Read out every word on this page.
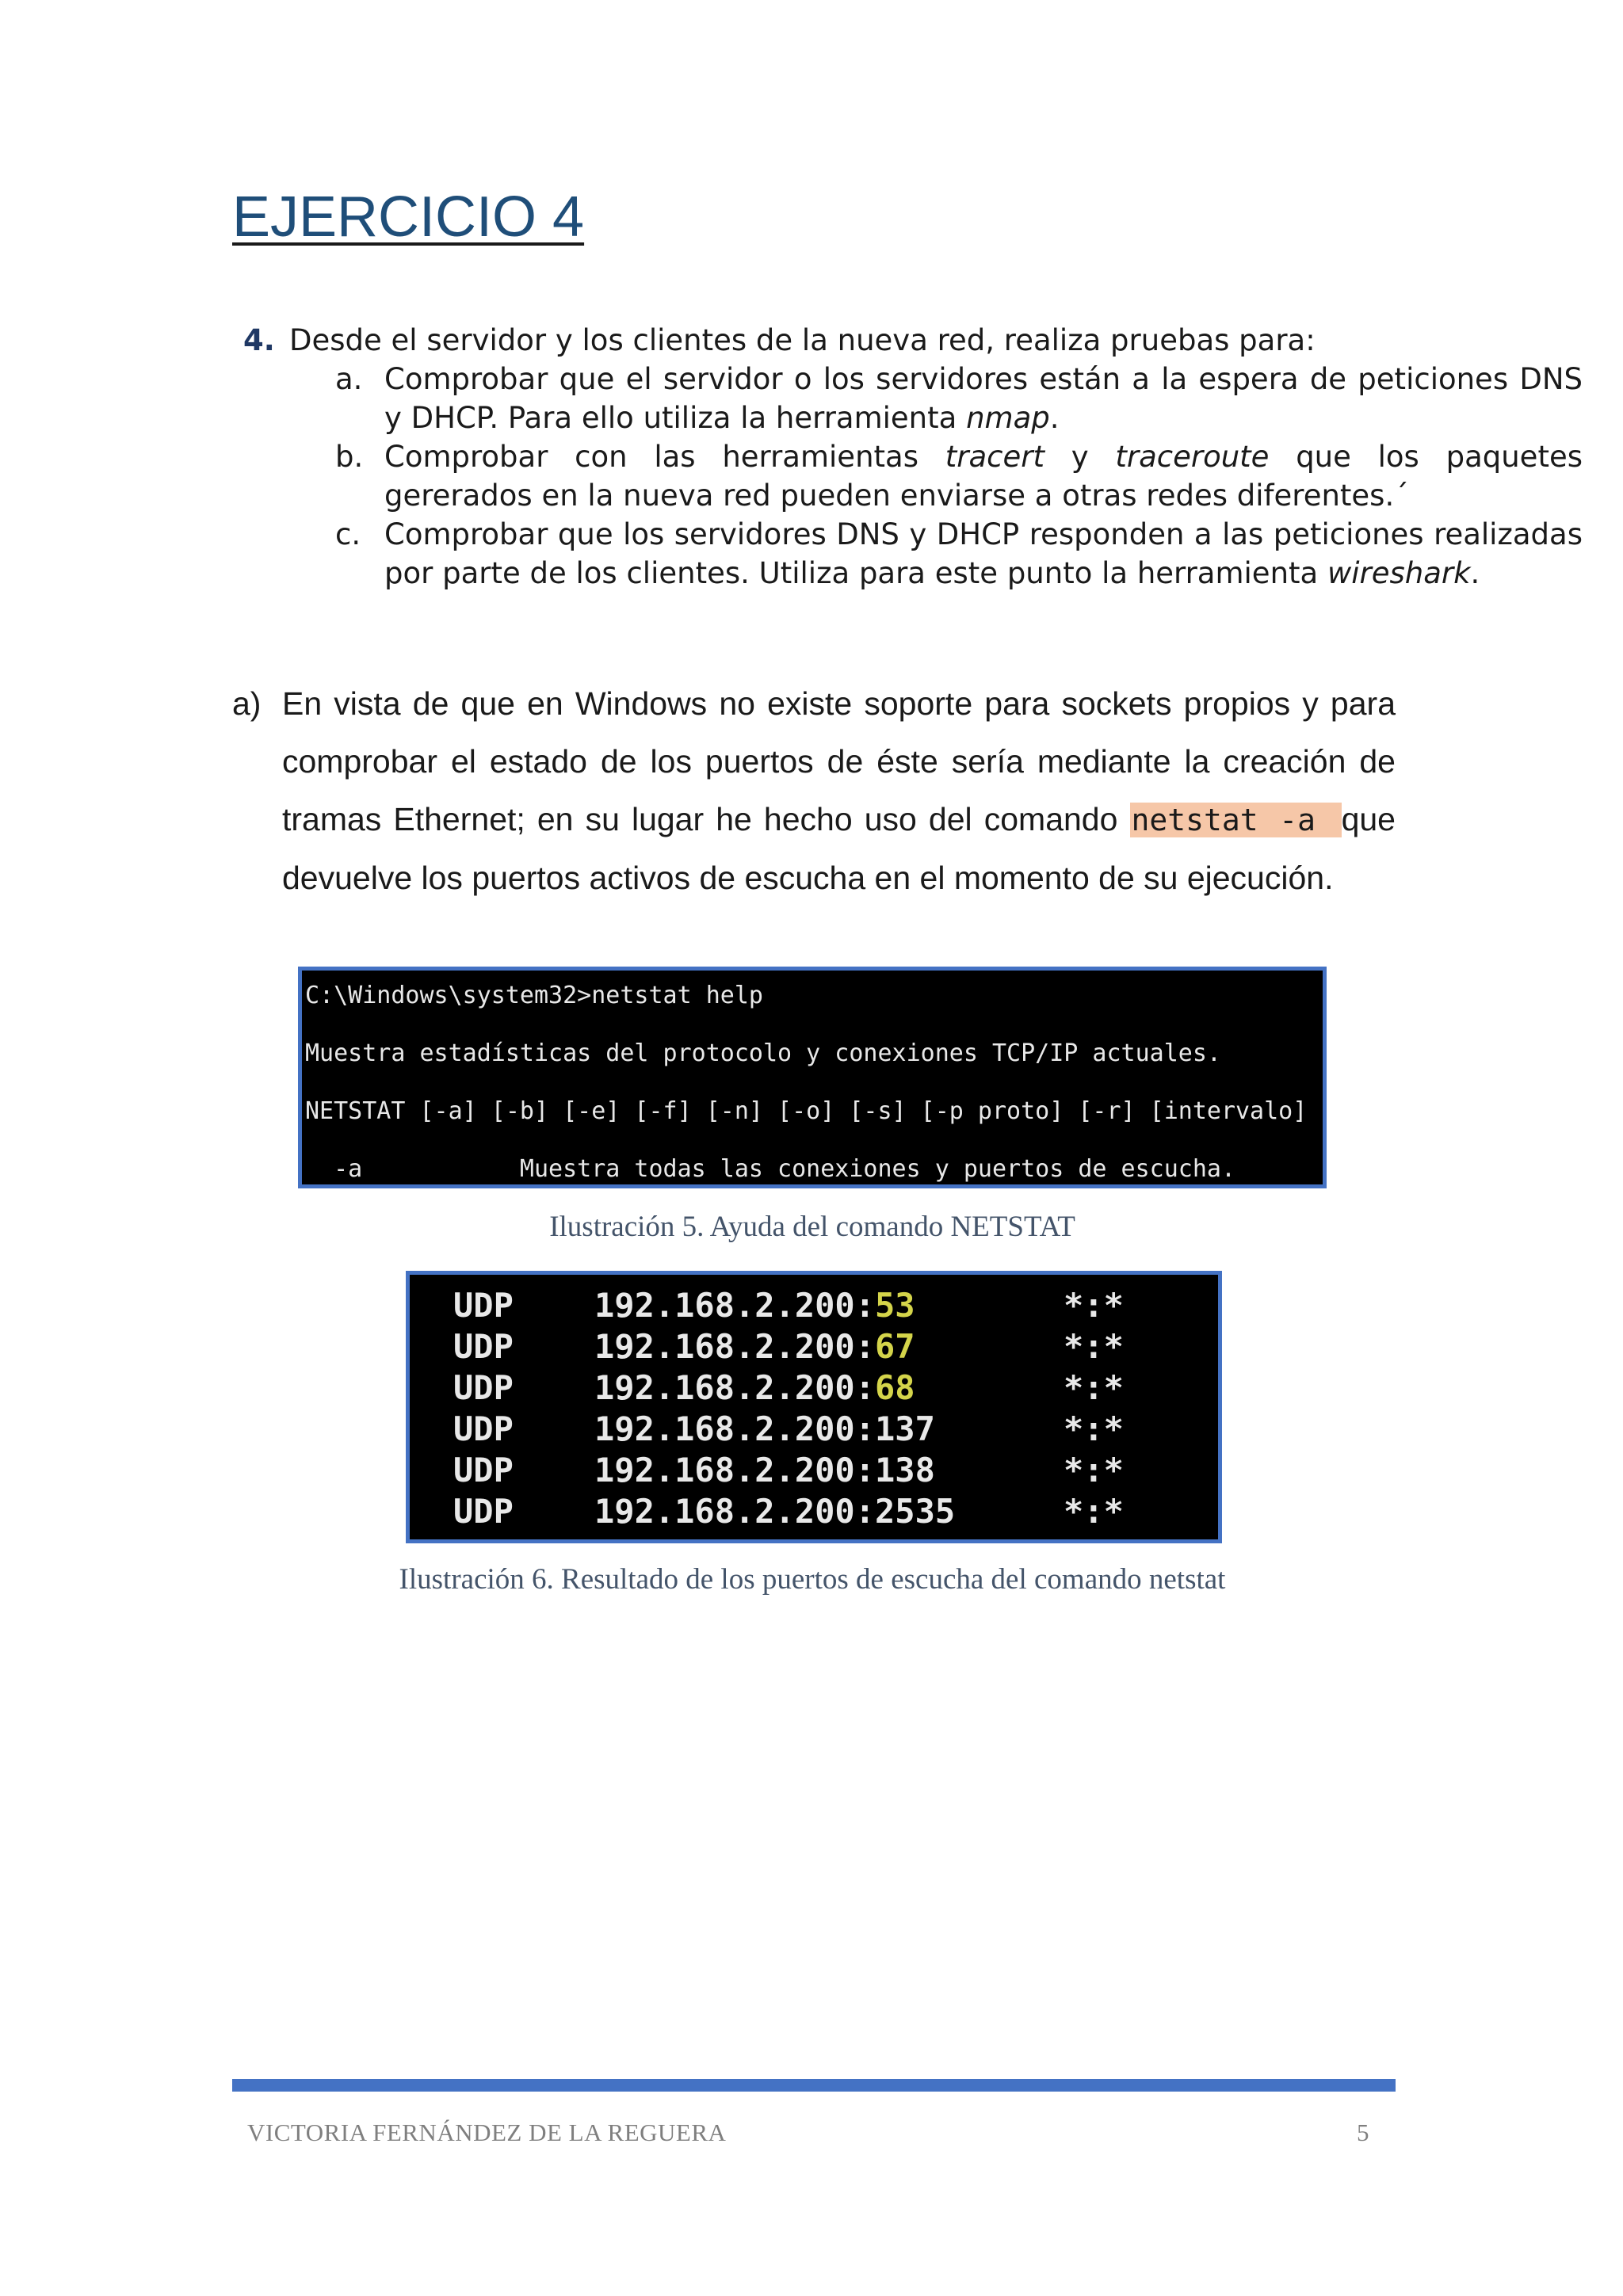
EJERCICIO 4
4. Desde el servidor y los clientes de la nueva red, realiza pruebas para:
a. Comprobar que el servidor o los servidores están a la espera de peticiones DNS y DHCP. Para ello utiliza la herramienta nmap.
b. Comprobar con las herramientas tracert y traceroute que los paquetes gererados en la nueva red pueden enviarse a otras redes diferentes.´
c. Comprobar que los servidores DNS y DHCP responden a las peticiones realizadas por parte de los clientes. Utiliza para este punto la herramienta wireshark.
a) En vista de que en Windows no existe soporte para sockets propios y para comprobar el estado de los puertos de éste sería mediante la creación de tramas Ethernet; en su lugar he hecho uso del comando netstat -a que devuelve los puertos activos de escucha en el momento de su ejecución.
C:\Windows\system32>netstat help
Muestra estadísticas del protocolo y conexiones TCP/IP actuales.
NETSTAT [-a] [-b] [-e] [-f] [-n] [-o] [-s] [-p proto] [-r] [intervalo]
-a           Muestra todas las conexiones y puertos de escucha.
Ilustración 5. Ayuda del comando NETSTAT
UDP 192.168.2.200:53	*:*
UDP 192.168.2.200:67	*:*
UDP 192.168.2.200:68	*:*
UDP 192.168.2.200:137	*:*
UDP 192.168.2.200:138	*:*
UDP 192.168.2.200:2535	*:*
Ilustración 6. Resultado de los puertos de escucha del comando netstat
VICTORIA FERNÁNDEZ DE LA REGUERA	5
